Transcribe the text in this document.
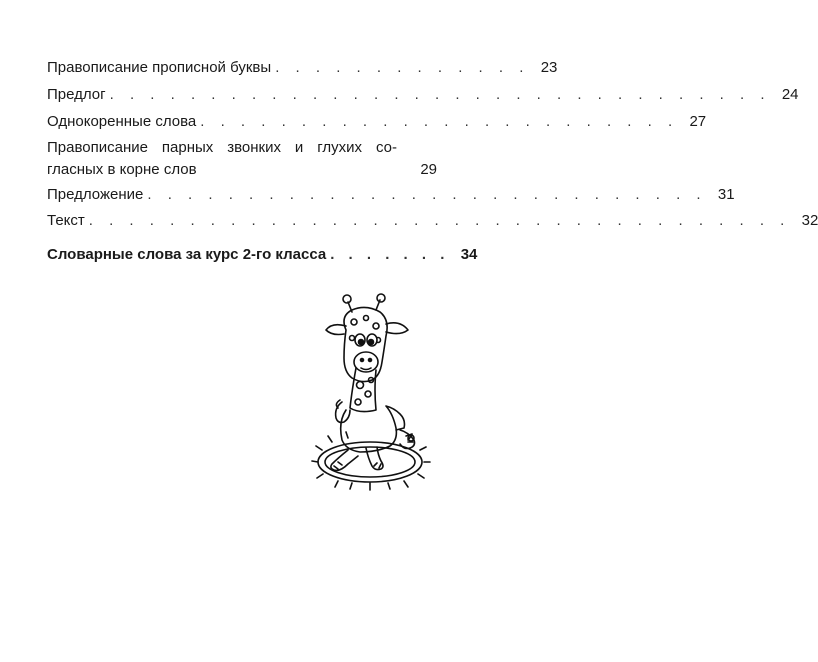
Правописание прописной буквы . . . . . . . . . . . . . 23
Предлог . . . . . . . . . . . . . . . . . . . . . . . . . . . . . . . . . 24
Однокоренные слова . . . . . . . . . . . . . . . . . . . . . . . . 27
Правописание парных звонких и глухих со-
гласных в корне слов	29
Предложение . . . . . . . . . . . . . . . . . . . . . . . . . . . . 31
Текст . . . . . . . . . . . . . . . . . . . . . . . . . . . . . . . . . . . 32
Словарные слова за курс 2-го класса . . . . . . . 34
